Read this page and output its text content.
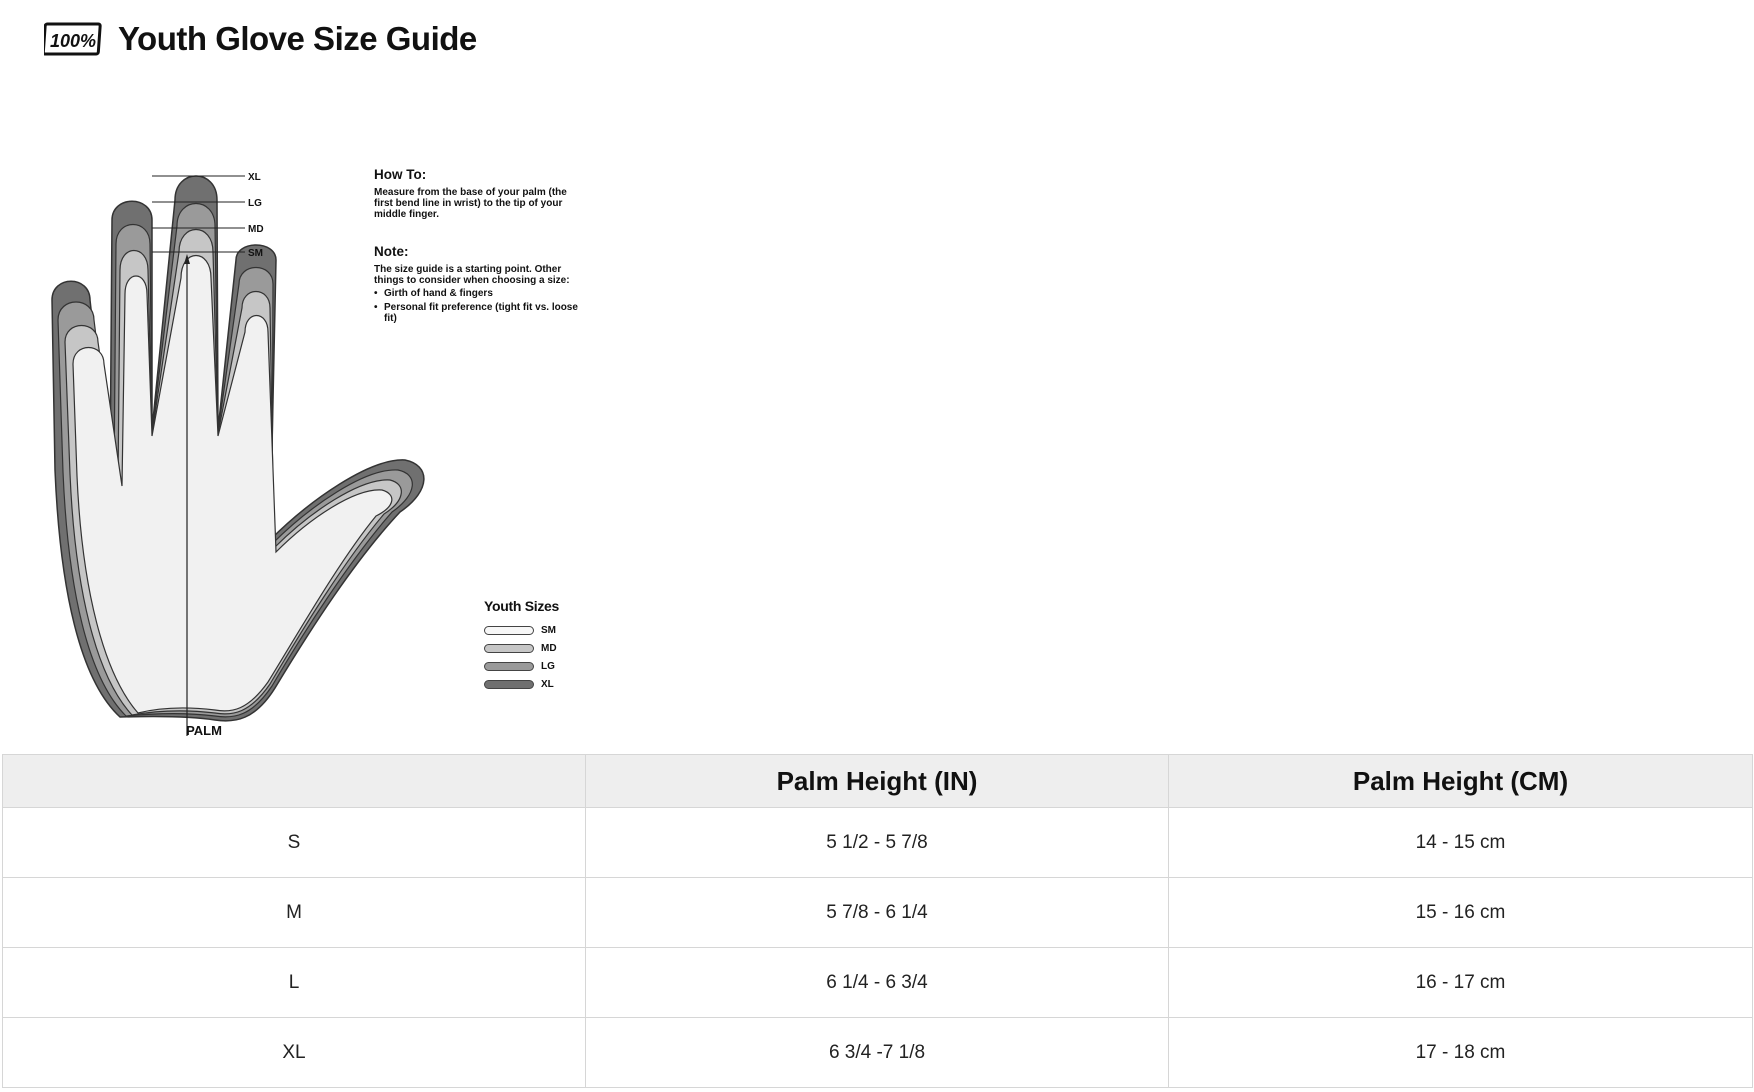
100% Youth Glove Size Guide
XL
LG
MD
SM
PALM
How To:

Measure from the base of your palm (the first bend line in wrist) to the tip of your middle finger.

Note:

The size guide is a starting point. Other things to consider when choosing a size:

• Girth of hand & fingers
• Personal fit preference (tight fit vs. loose fit)
Youth Sizes
SM
MD
LG
XL
	Palm Height (IN)	Palm Height (CM)
S	5 1/2 - 5 7/8	14 - 15 cm
M	5 7/8 - 6 1/4	15 - 16 cm
L	6 1/4 - 6 3/4	16 - 17 cm
XL	6 3/4 -7 1/8	17 - 18 cm
